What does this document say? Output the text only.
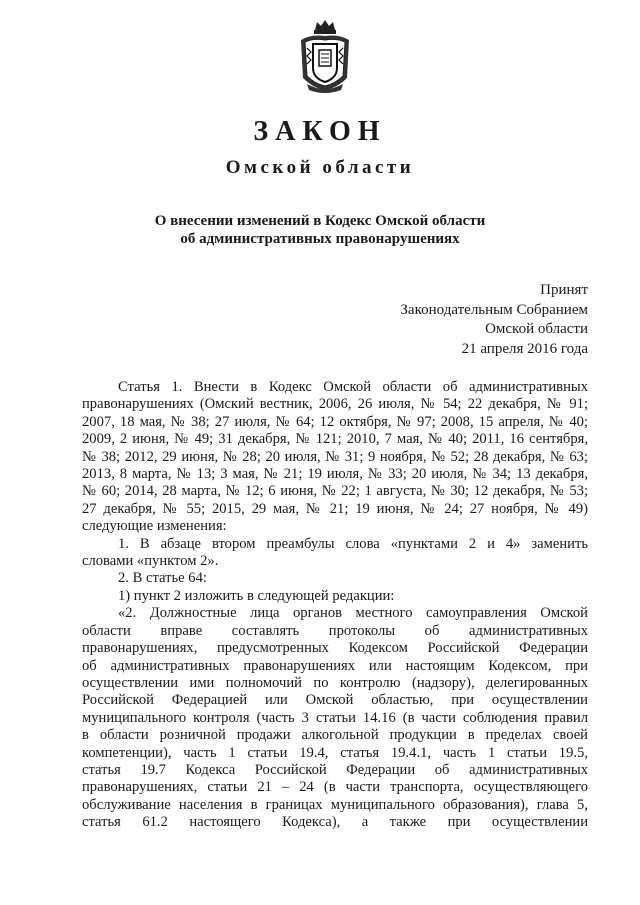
ЗАКОН
Омской области
О внесении изменений в Кодекс Омской области
об административных правонарушениях
Принят
Законодательным Собранием
Омской области
21 апреля 2016 года
Статья 1. Внести в Кодекс Омской области об административных
правонарушениях (Омский вестник, 2006, 26 июля, № 54; 22 декабря, № 91;
2007, 18 мая, № 38; 27 июля, № 64; 12 октября, № 97; 2008, 15 апреля, № 40;
2009, 2 июня, № 49; 31 декабря, № 121; 2010, 7 мая, № 40; 2011, 16 сентября,
№ 38; 2012, 29 июня, № 28; 20 июля, № 31; 9 ноября, № 52; 28 декабря, № 63;
2013, 8 марта, № 13; 3 мая, № 21; 19 июля, № 33; 20 июля, № 34; 13 декабря,
№ 60; 2014, 28 марта, № 12; 6 июня, № 22; 1 августа, № 30; 12 декабря, № 53;
27 декабря, № 55; 2015, 29 мая, № 21; 19 июня, № 24; 27 ноября, № 49)
следующие изменения:
1. В абзаце втором преамбулы слова «пунктами 2 и 4» заменить
словами «пунктом 2».
2. В статье 64:
1) пункт 2 изложить в следующей редакции:
«2. Должностные лица органов местного самоуправления Омской
области вправе составлять протоколы об административных
правонарушениях, предусмотренных Кодексом Российской Федерации
об административных правонарушениях или настоящим Кодексом, при
осуществлении ими полномочий по контролю (надзору), делегированных
Российской Федерацией или Омской областью, при осуществлении
муниципального контроля (часть 3 статьи 14.16 (в части соблюдения правил
в области розничной продажи алкогольной продукции в пределах своей
компетенции), часть 1 статьи 19.4, статья 19.4.1, часть 1 статьи 19.5,
статья 19.7 Кодекса Российской Федерации об административных
правонарушениях, статьи 21 – 24 (в части транспорта, осуществляющего
обслуживание населения в границах муниципального образования), глава 5,
статья 61.2 настоящего Кодекса), а также при осуществлении
